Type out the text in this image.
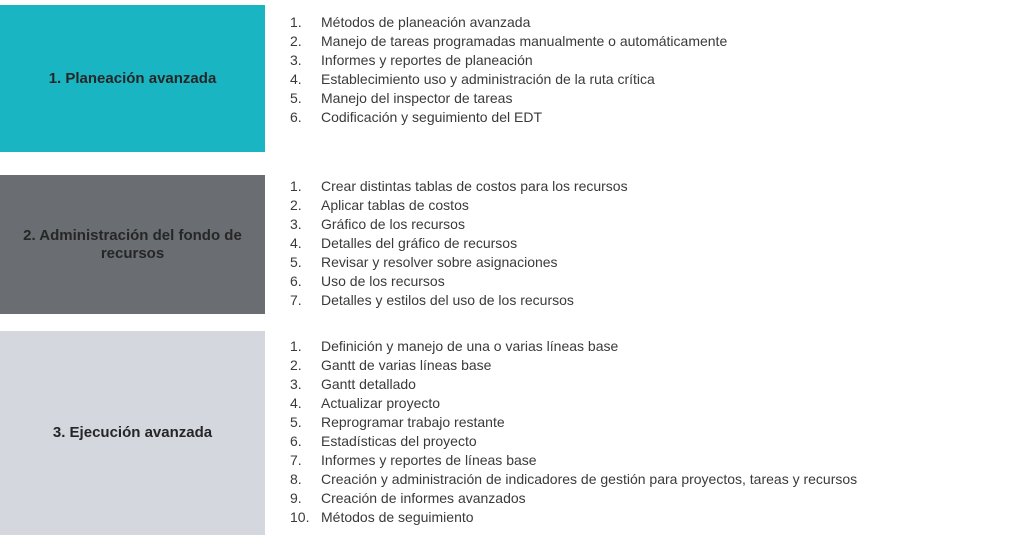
1. Planeación avanzada
1.	Métodos de planeación avanzada
2.	Manejo de tareas programadas manualmente o automáticamente
3.	Informes y reportes de planeación
4.	Establecimiento uso y administración de la ruta crítica
5.	Manejo del inspector de tareas
6.	Codificación y seguimiento del EDT
2. Administración del fondo de recursos
1.	Crear distintas tablas de costos para los recursos
2.	Aplicar tablas de costos
3.	Gráfico de los recursos
4.	Detalles del gráfico de recursos
5.	Revisar y resolver sobre asignaciones
6.	Uso de los recursos
7.	Detalles y estilos del uso de los recursos
3. Ejecución avanzada
1.	Definición y manejo de una o varias líneas base
2.	Gantt de varias líneas base
3.	Gantt detallado
4.	Actualizar proyecto
5.	Reprogramar trabajo restante
6.	Estadísticas del proyecto
7.	Informes y reportes de líneas base
8.	Creación y administración de indicadores de gestión para proyectos, tareas y recursos
9.	Creación de informes avanzados
10. Métodos de seguimiento
